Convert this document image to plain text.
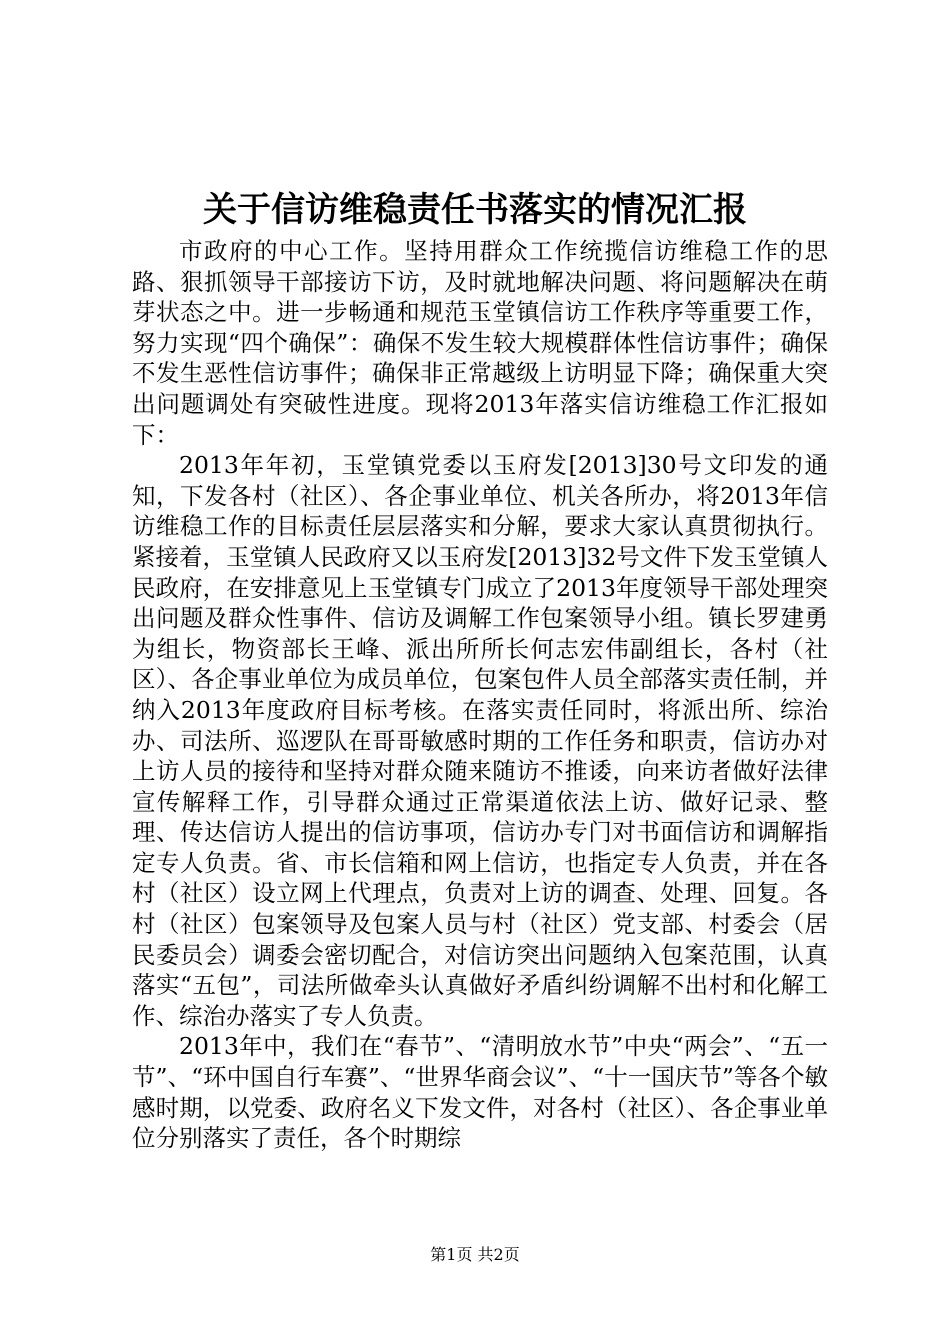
关于信访维稳责任书落实的情况汇报

市政府的中心工作。坚持用群众工作统揽信访维稳工作的思路、狠抓领导干部接访下访，及时就地解决问题、将问题解决在萌芽状态之中。进一步畅通和规范玉堂镇信访工作秩序等重要工作，努力实现“四个确保”：确保不发生较大规模群体性信访事件；确保不发生恶性信访事件；确保非正常越级上访明显下降；确保重大突出问题调处有突破性进度。现将2013年落实信访维稳工作汇报如下：

2013年年初，玉堂镇党委以玉府发[2013]30号文印发的通知，下发各村（社区）、各企事业单位、机关各所办，将2013年信访维稳工作的目标责任层层落实和分解，要求大家认真贯彻执行。紧接着，玉堂镇人民政府又以玉府发[2013]32号文件下发玉堂镇人民政府，在安排意见上玉堂镇专门成立了2013年度领导干部处理突出问题及群众性事件、信访及调解工作包案领导小组。镇长罗建勇为组长，物资部长王峰、派出所所长何志宏伟副组长，各村（社区）、各企事业单位为成员单位，包案包件人员全部落实责任制，并纳入2013年度政府目标考核。在落实责任同时，将派出所、综治办、司法所、巡逻队在哥哥敏感时期的工作任务和职责，信访办对上访人员的接待和坚持对群众随来随访不推诿，向来访者做好法律宣传解释工作，引导群众通过正常渠道依法上访、做好记录、整理、传达信访人提出的信访事项，信访办专门对书面信访和调解指定专人负责。省、市长信箱和网上信访，也指定专人负责，并在各村（社区）设立网上代理点，负责对上访的调查、处理、回复。各村（社区）包案领导及包案人员与村（社区）党支部、村委会（居民委员会）调委会密切配合，对信访突出问题纳入包案范围，认真落实“五包”，司法所做牵头认真做好矛盾纠纷调解不出村和化解工作、综治办落实了专人负责。

2013年中，我们在“春节”、“清明放水节”中央“两会”、“五一节”、“环中国自行车赛”、“世界华商会议”、“十一国庆节”等各个敏感时期，以党委、政府名义下发文件，对各村（社区）、各企事业单位分别落实了责任，各个时期综

第1页 共2页
